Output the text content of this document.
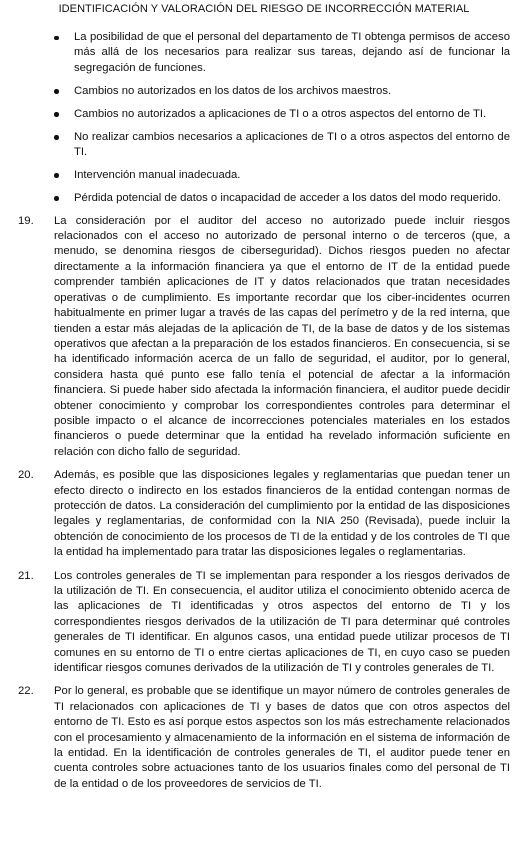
IDENTIFICACIÓN Y VALORACIÓN DEL RIESGO DE INCORRECCIÓN MATERIAL
La posibilidad de que el personal del departamento de TI obtenga permisos de acceso más allá de los necesarios para realizar sus tareas, dejando así de funcionar la segregación de funciones.
Cambios no autorizados en los datos de los archivos maestros.
Cambios no autorizados a aplicaciones de TI o a otros aspectos del entorno de TI.
No realizar cambios necesarios a aplicaciones de TI o a otros aspectos del entorno de TI.
Intervención manual inadecuada.
Pérdida potencial de datos o incapacidad de acceder a los datos del modo requerido.
19. La consideración por el auditor del acceso no autorizado puede incluir riesgos relacionados con el acceso no autorizado de personal interno o de terceros (que, a menudo, se denomina riesgos de ciberseguridad). Dichos riesgos pueden no afectar directamente a la información financiera ya que el entorno de IT de la entidad puede comprender también aplicaciones de IT y datos relacionados que tratan necesidades operativas o de cumplimiento. Es importante recordar que los ciber-incidentes ocurren habitualmente en primer lugar a través de las capas del perímetro y de la red interna, que tienden a estar más alejadas de la aplicación de TI, de la base de datos y de los sistemas operativos que afectan a la preparación de los estados financieros. En consecuencia, si se ha identificado información acerca de un fallo de seguridad, el auditor, por lo general, considera hasta qué punto ese fallo tenía el potencial de afectar a la información financiera. Si puede haber sido afectada la información financiera, el auditor puede decidir obtener conocimiento y comprobar los correspondientes controles para determinar el posible impacto o el alcance de incorrecciones potenciales materiales en los estados financieros o puede determinar que la entidad ha revelado información suficiente en relación con dicho fallo de seguridad.
20. Además, es posible que las disposiciones legales y reglamentarias que puedan tener un efecto directo o indirecto en los estados financieros de la entidad contengan normas de protección de datos. La consideración del cumplimiento por la entidad de las disposiciones legales y reglamentarias, de conformidad con la NIA 250 (Revisada), puede incluir la obtención de conocimiento de los procesos de TI de la entidad y de los controles de TI que la entidad ha implementado para tratar las disposiciones legales o reglamentarias.
21. Los controles generales de TI se implementan para responder a los riesgos derivados de la utilización de TI. En consecuencia, el auditor utiliza el conocimiento obtenido acerca de las aplicaciones de TI identificadas y otros aspectos del entorno de TI y los correspondientes riesgos derivados de la utilización de TI para determinar qué controles generales de TI identificar. En algunos casos, una entidad puede utilizar procesos de TI comunes en su entorno de TI o entre ciertas aplicaciones de TI, en cuyo caso se pueden identificar riesgos comunes derivados de la utilización de TI y controles generales de TI.
22. Por lo general, es probable que se identifique un mayor número de controles generales de TI relacionados con aplicaciones de TI y bases de datos que con otros aspectos del entorno de TI. Esto es así porque estos aspectos son los más estrechamente relacionados con el procesamiento y almacenamiento de la información en el sistema de información de la entidad. En la identificación de controles generales de TI, el auditor puede tener en cuenta controles sobre actuaciones tanto de los usuarios finales como del personal de TI de la entidad o de los proveedores de servicios de TI.
